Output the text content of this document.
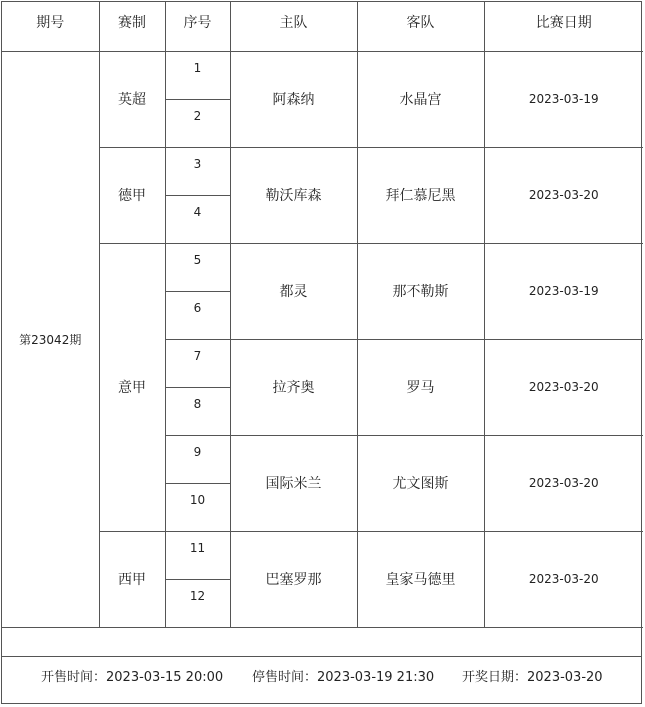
期号	赛制	序号	主队	客队	比赛日期
第23042期	英超	1	阿森纳	水晶宫	2023-03-19
		2			
	德甲	3	勒沃库森	拜仁慕尼黑	2023-03-20
		4			
	意甲	5	都灵	那不勒斯	2023-03-19
		6			
		7	拉齐奥	罗马	2023-03-20
		8			
		9	国际米兰	尤文图斯	2023-03-20
		10			
	西甲	11	巴塞罗那	皇家马德里	2023-03-20
		12			
开售时间：2023-03-15 20:00 停售时间：2023-03-19 21:30 开奖日期：2023-03-20
